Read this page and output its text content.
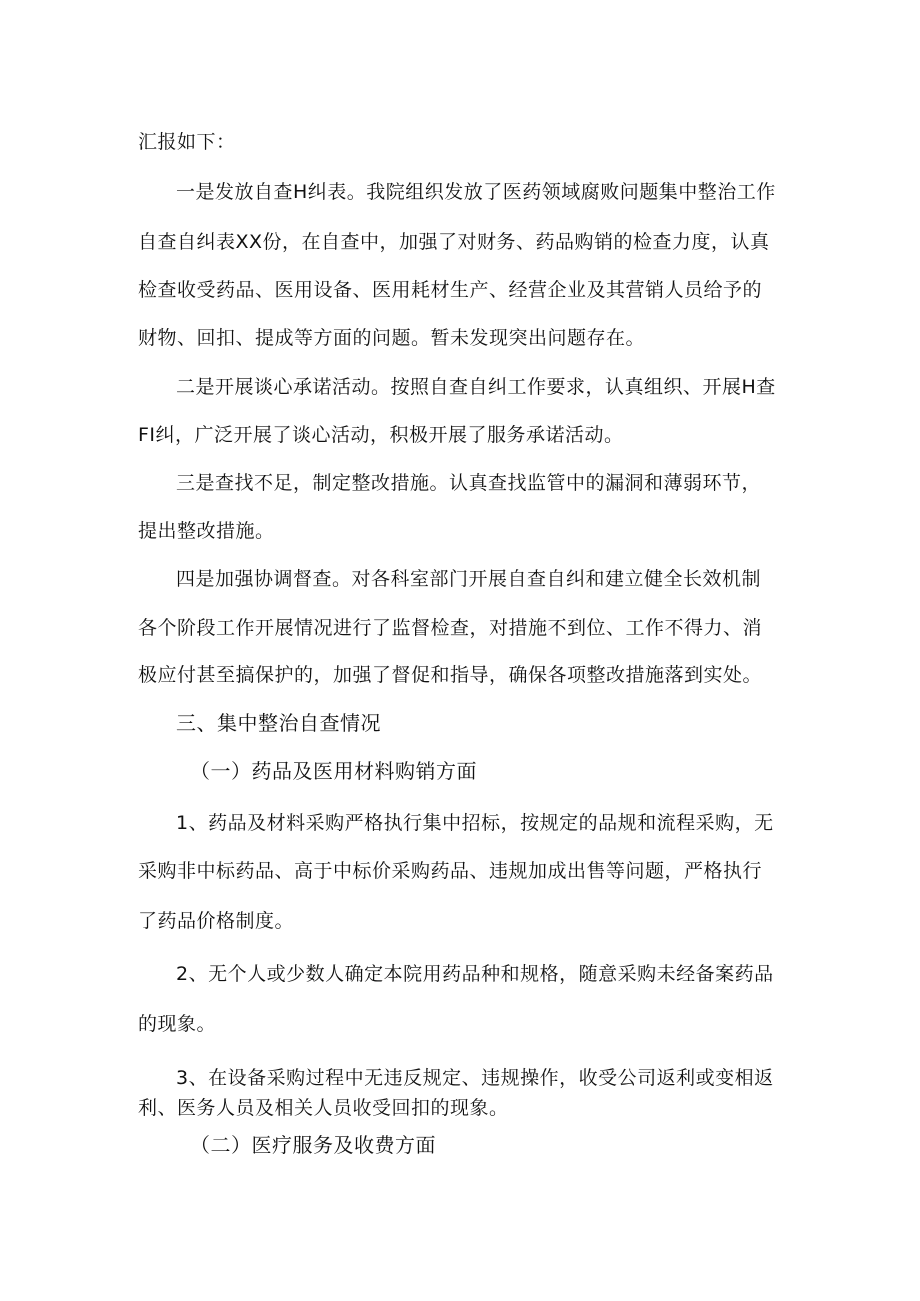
汇报如下：
一是发放自查H纠表。我院组织发放了医药领域腐败问题集中整治工作
自查自纠表XX份，在自查中，加强了对财务、药品购销的检查力度，认真
检查收受药品、医用设备、医用耗材生产、经营企业及其营销人员给予的
财物、回扣、提成等方面的问题。暂未发现突出问题存在。
二是开展谈心承诺活动。按照自查自纠工作要求，认真组织、开展H查
FI纠，广泛开展了谈心活动，积极开展了服务承诺活动。
三是查找不足，制定整改措施。认真查找监管中的漏洞和薄弱环节，
提出整改措施。
四是加强协调督查。对各科室部门开展自查自纠和建立健全长效机制
各个阶段工作开展情况进行了监督检查，对措施不到位、工作不得力、消
极应付甚至搞保护的，加强了督促和指导，确保各项整改措施落到实处。
三、集中整治自查情况
（一）药品及医用材料购销方面
1、药品及材料采购严格执行集中招标，按规定的品规和流程采购，无
采购非中标药品、高于中标价采购药品、违规加成出售等问题，严格执行
了药品价格制度。
2、无个人或少数人确定本院用药品种和规格，随意采购未经备案药品
的现象。
3、在设备采购过程中无违反规定、违规操作，收受公司返利或变相返
利、医务人员及相关人员收受回扣的现象。
（二）医疗服务及收费方面
